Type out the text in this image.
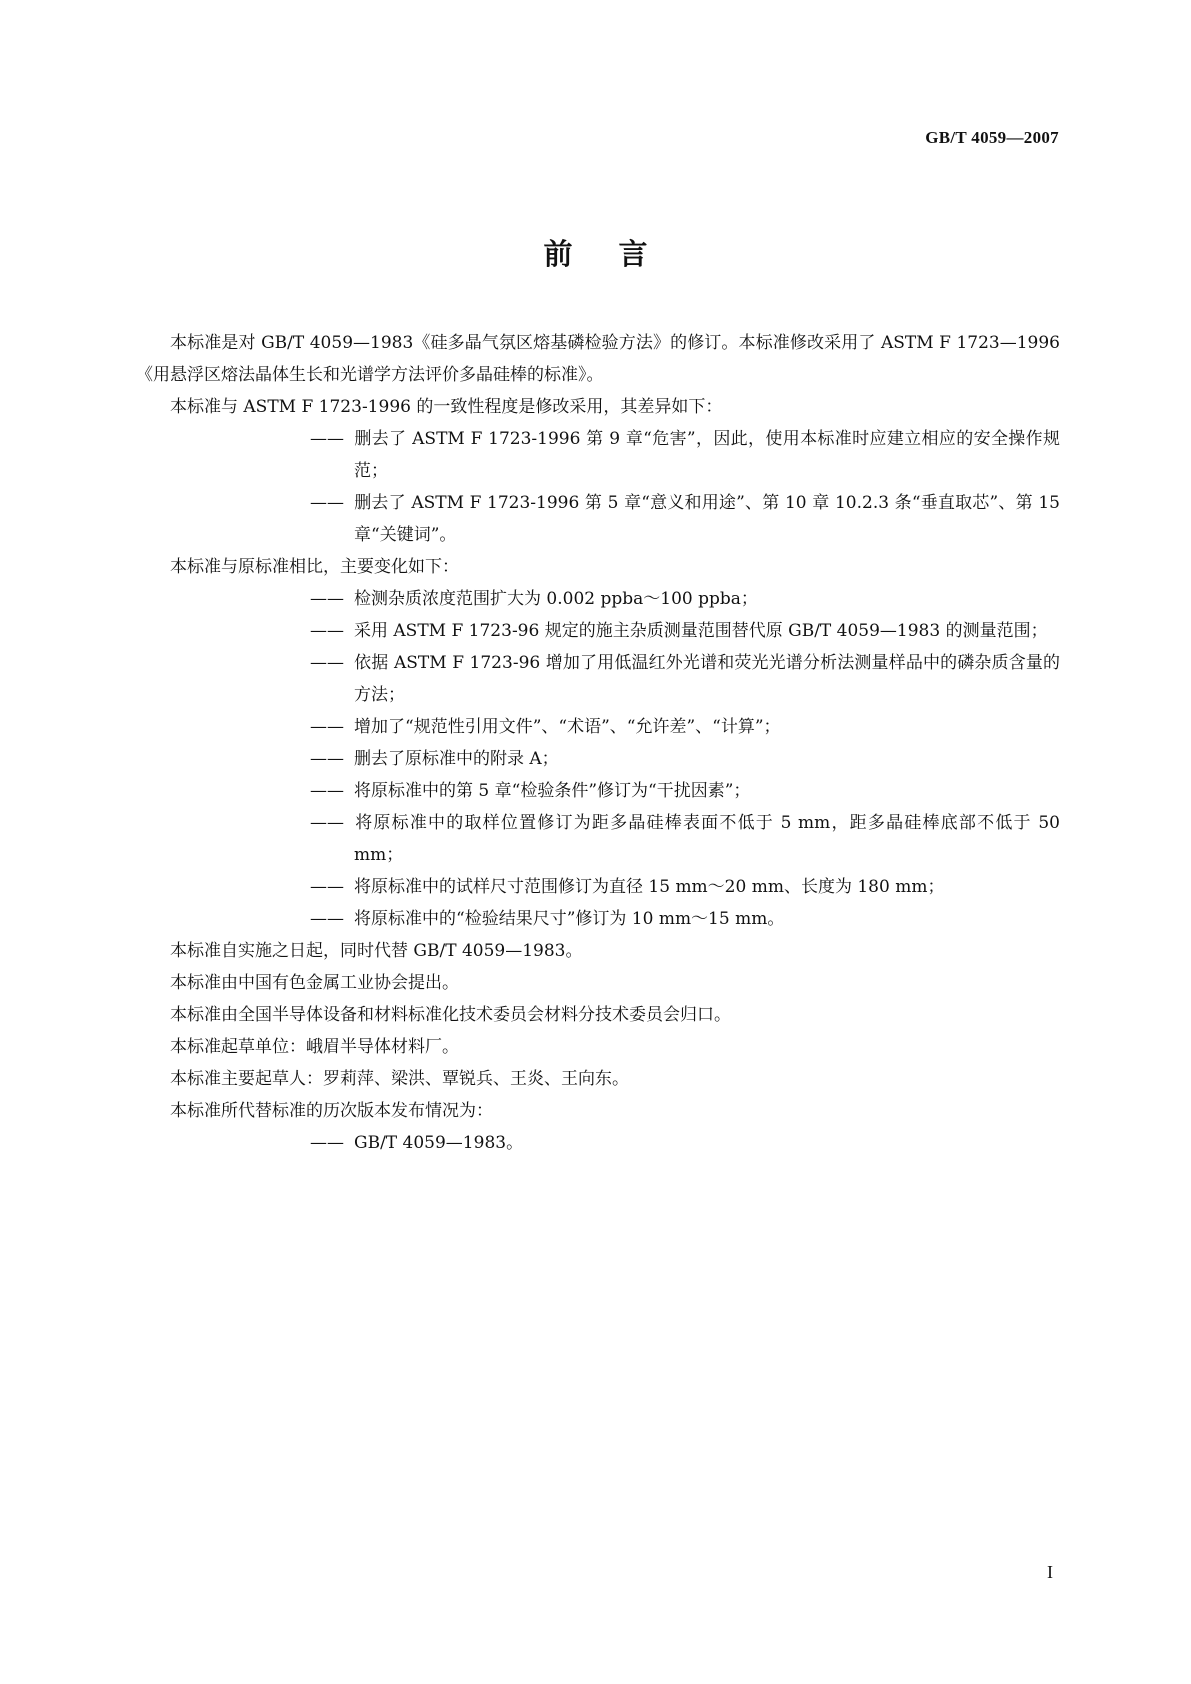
GB/T 4059—2007
前言

本标准是对 GB/T 4059—1983《硅多晶气氛区熔基磷检验方法》的修订。本标准修改采用了 ASTM F 1723—1996《用悬浮区熔法晶体生长和光谱学方法评价多晶硅棒的标准》。

本标准与 ASTM F 1723-1996 的一致性程度是修改采用，其差异如下：

—— 删去了 ASTM F 1723-1996 第 9 章“危害”，因此，使用本标准时应建立相应的安全操作规范；

—— 删去了 ASTM F 1723-1996 第 5 章“意义和用途”、第 10 章 10.2.3 条“垂直取芯”、第 15 章“关键词”。

本标准与原标准相比，主要变化如下：

—— 检测杂质浓度范围扩大为 0.002 ppba～100 ppba；

—— 采用 ASTM F 1723-96 规定的施主杂质测量范围替代原 GB/T 4059—1983 的测量范围；

—— 依据 ASTM F 1723-96 增加了用低温红外光谱和荧光光谱分析法测量样品中的磷杂质含量的方法；

—— 增加了“规范性引用文件”、“术语”、“允许差”、“计算”；

—— 删去了原标准中的附录 A；

—— 将原标准中的第 5 章“检验条件”修订为“干扰因素”；

—— 将原标准中的取样位置修订为距多晶硅棒表面不低于 5 mm，距多晶硅棒底部不低于 50 mm；

—— 将原标准中的试样尺寸范围修订为直径 15 mm～20 mm、长度为 180 mm；

—— 将原标准中的“检验结果尺寸”修订为 10 mm～15 mm。

本标准自实施之日起，同时代替 GB/T 4059—1983。

本标准由中国有色金属工业协会提出。

本标准由全国半导体设备和材料标准化技术委员会材料分技术委员会归口。

本标准起草单位：峨眉半导体材料厂。

本标准主要起草人：罗莉萍、梁洪、覃锐兵、王炎、王向东。

本标准所代替标准的历次版本发布情况为：

—— GB/T 4059—1983。

I
